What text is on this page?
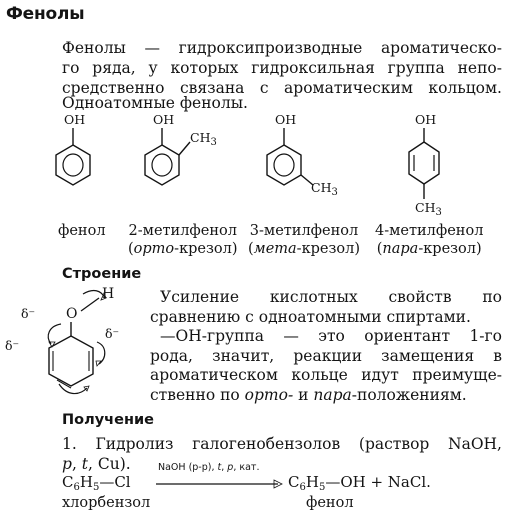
Фенолы
Фенолы — гидроксипроизводные ароматическо-
го ряда, у которых гидроксильная группа непо-
средственно связана с ароматическим кольцом.
Одноатомные фенолы.
OH
фенол
OH
$CH_3$
2-метилфенол
(орто-крезол)
OH
$CH_3$
3-метилфенол
(мета-крезол)
OH
$CH_3$
4-метилфенол
(пара-крезол)
Строение
H
O
δ⁻
δ⁻
δ⁻

Усиление кислотных свойств по

сравнению с одноатомными спиртами.

—OH-группа — это ориентант 1-го

рода, значит, реакции замещения в

ароматическом кольце идут преимуще-

ственно по орто- и пара-положениям.

Получение
1. Гидролиз галогенобензолов (раствор NaOH,
p, t, Cu).
$C_6H_5—Cl$
NaOH (p-p), t, p, кат.
$C_6H_5—OH$ + NaCl.
хлорбензол	фенол
